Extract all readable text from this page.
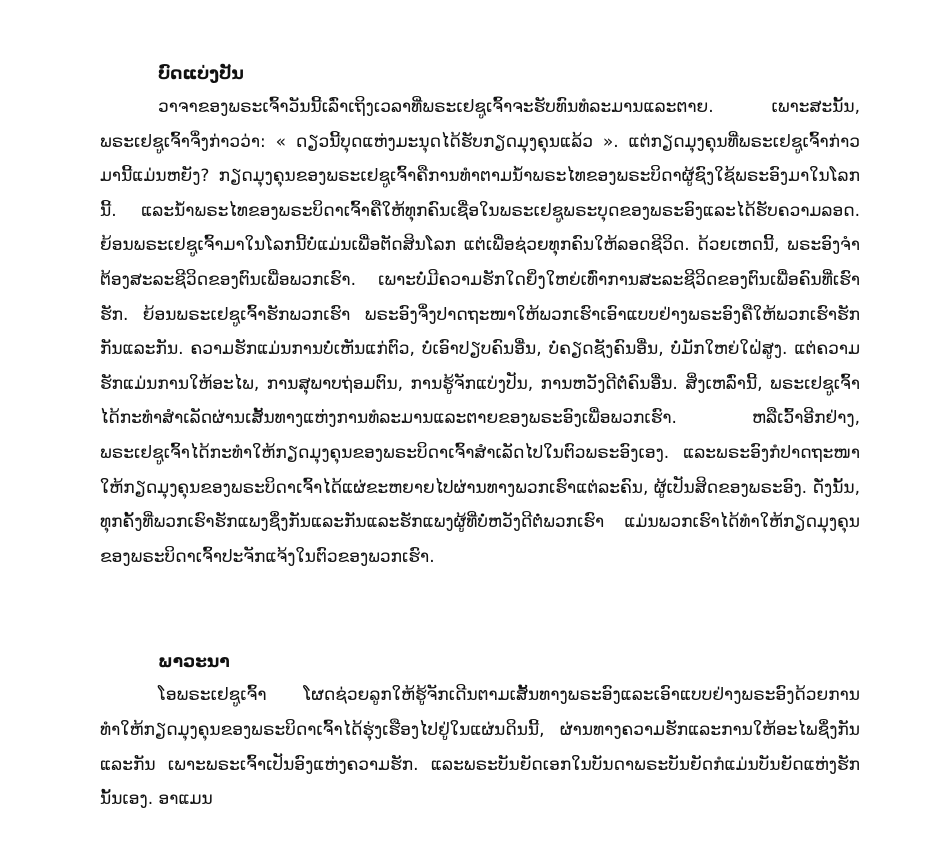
ບົດແບ່ງປັນ

ວາຈາຂອງພຣະເຈົ້າວັນນີ້ເລົ່າເຖິງເວລາທີ່ພຣະເຢຊູເຈົ້າຈະຮັບທົນທໍລະມານແລະຕາຍ. ເພາະສະນັ້ນ, ພຣະເຢຊູເຈົ້າຈຶ່ງກ່າວວ່າ: « ດຽວນີ້ບຸດແຫ່ງມະນຸດໄດ້ຮັບກຽດມຸງຄຸນແລ້ວ ». ແຕ່ກຽດມຸງຄຸນທີ່ພຣະເຢຊູເຈົ້າກ່າວມານີ້ແມ່ນຫຍັງ? ກຽດມຸງຄຸນຂອງພຣະເຢຊູເຈົ້າຄືການທຳຕາມນ້ຳພຣະໄທຂອງພຣະບິດາຜູ້ຊົງໃຊ້ພຣະອົງມາໃນໂລກນີ້. ແລະນ້ຳພຣະໄທຂອງພຣະບິດາເຈົ້າຄືໃຫ້ທຸກຄົນເຊື່ອໃນພຣະເຢຊູພຣະບຸດຂອງພຣະອົງແລະໄດ້ຮັບຄວາມລອດ. ຍ້ອນພຣະເຢຊູເຈົ້າມາໃນໂລກນີ້ບໍ່ແມ່ນເພື່ອຕັດສິນໂລກ ແຕ່ເພື່ອຊ່ວຍທຸກຄົນໃຫ້ລອດຊີວິດ. ດ້ວຍເຫດນີ້, ພຣະອົງຈຳຕ້ອງສະລະຊີວິດຂອງຕົນເພື່ອພວກເຮົາ. ເພາະບໍ່ມີຄວາມຮັກໃດຍິ່ງໃຫຍ່ເທົ່າການສະລະຊີວິດຂອງຕົນເພື່ອຄົນທີ່ເຮົາຮັກ. ຍ້ອນພຣະເຢຊູເຈົ້າຮັກພວກເຮົາ ພຣະອົງຈຶ່ງປາດຖະໜາໃຫ້ພວກເຮົາເອົາແບບຢ່າງພຣະອົງຄືໃຫ້ພວກເຮົາຮັກກັນແລະກັນ. ຄວາມຮັກແມ່ນການບໍ່ເຫັນແກ່ຕົວ, ບໍ່ເອົາປຽບຄົນອື່ນ, ບໍ່ຄຽດຊັງຄົນອື່ນ, ບໍ່ມັກໃຫຍ່ໃຝ່ສູງ. ແຕ່ຄວາມຮັກແມ່ນການໃຫ້ອະໄພ, ການສຸພາບຖ່ອມຕົນ, ການຮູ້ຈັກແບ່ງປັນ, ການຫວັງດີຕໍ່ຄົນອື່ນ. ສິ່ງເຫລົ່ານີ້, ພຣະເຢຊູເຈົ້າໄດ້ກະທຳສຳເລັດຜ່ານເສັ້ນທາງແຫ່ງການທໍລະມານແລະຕາຍຂອງພຣະອົງເພື່ອພວກເຮົາ. ຫລືເວົ້າອີກຢ່າງ, ພຣະເຢຊູເຈົ້າໄດ້ກະທຳໃຫ້ກຽດມຸງຄຸນຂອງພຣະບິດາເຈົ້າສຳເລັດໄປໃນຕົວພຣະອົງເອງ. ແລະພຣະອົງກໍປາດຖະໜາໃຫ້ກຽດມຸງຄຸນຂອງພຣະບິດາເຈົ້າໄດ້ແຜ່ຂະຫຍາຍໄປຜ່ານທາງພວກເຮົາແຕ່ລະຄົນ, ຜູ້ເປັນສິດຂອງພຣະອົງ. ດັ່ງນັ້ນ, ທຸກຄັ້ງທີ່ພວກເຮົາຮັກແພງຊຶ່ງກັນແລະກັນແລະຮັກແພງຜູ້ທີ່ບໍ່ຫວັງດີຕໍ່ພວກເຮົາ ແມ່ນພວກເຮົາໄດ້ທຳໃຫ້ກຽດມຸງຄຸນຂອງພຣະບິດາເຈົ້າປະຈັກແຈ້ງໃນຕົວຂອງພວກເຮົາ.

ພາວະນາ

ໂອພຣະເຢຊູເຈົ້າ ໂຜດຊ່ວຍລູກໃຫ້ຮູ້ຈັກເດີນຕາມເສັ້ນທາງພຣະອົງແລະເອົາແບບຢ່າງພຣະອົງດ້ວຍການທຳໃຫ້ກຽດມຸງຄຸນຂອງພຣະບິດາເຈົ້າໄດ້ຮຸ່ງເຮືອງໄປຢູ່ໃນແຜ່ນດິນນີ້, ຜ່ານທາງຄວາມຮັກແລະການໃຫ້ອະໄພຊຶ່ງກັນແລະກັນ ເພາະພຣະເຈົ້າເປັນອົງແຫ່ງຄວາມຮັກ. ແລະພຣະບັນຍັດເອກໃນບັນດາພຣະບັນຍັດກໍແມ່ນບັນຍັດແຫ່ງຮັກນັ້ນເອງ. ອາແມນ
